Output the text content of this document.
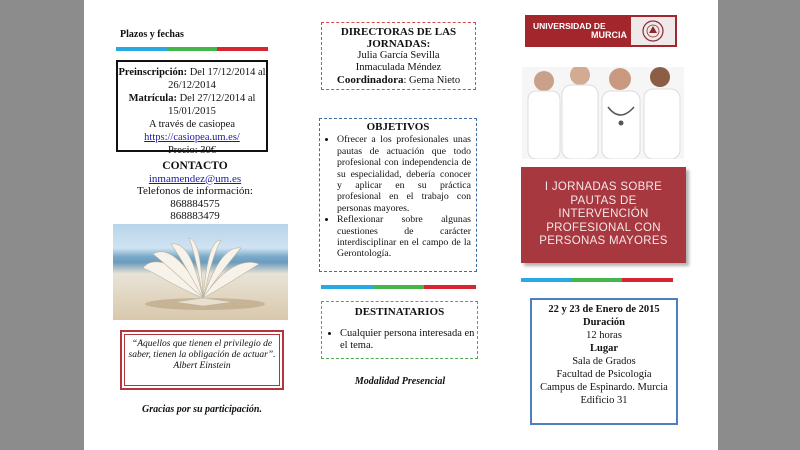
Plazos y fechas
Preinscripción: Del 17/12/2014 al 26/12/2014
Matrícula: Del 27/12/2014 al 15/01/2015
A través de casiopea
https://casiopea.um.es/
Precio: 30€
CONTACTO
inmamendez@um.es
Telefonos de información:
868884575
868883479
“Aquellos que tienen el privilegio de saber, tienen la obligación de actuar”.
Albert Einstein
Gracias por su participación.
DIRECTORAS DE LAS JORNADAS:
Julia García Sevilla
Inmaculada Méndez
Coordinadora: Gema Nieto
OBJETIVOS
• Ofrecer a los profesionales unas pautas de actuación que todo profesional con independencia de su especialidad, debería conocer y aplicar en su práctica profesional en el trabajo con personas mayores.
• Reflexionar sobre algunas cuestiones de carácter interdisciplinar en el campo de la Gerontología.
DESTINATARIOS
• Cualquier persona interesada en el tema.
Modalidad Presencial
UNIVERSIDAD DE
MURCIA
I JORNADAS SOBRE PAUTAS DE INTERVENCIÓN PROFESIONAL CON PERSONAS MAYORES
22 y 23 de Enero de 2015
Duración
12 horas
Lugar
Sala de Grados
Facultad de Psicología
Campus de Espinardo. Murcia
Edificio 31
